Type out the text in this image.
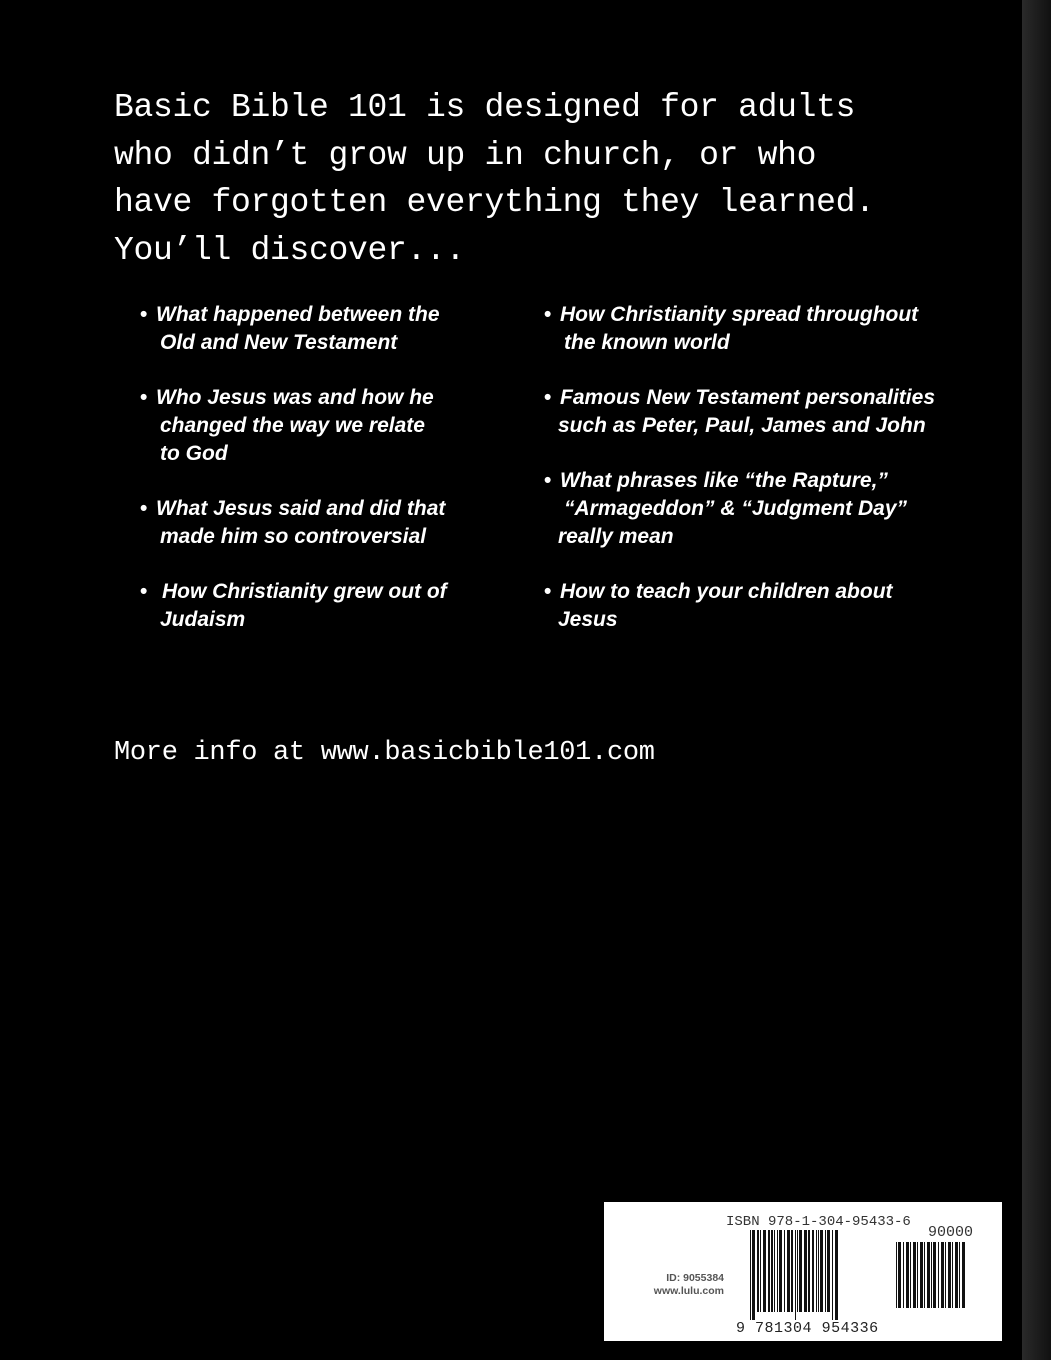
Basic Bible 101 is designed for adults
who didn’t grow up in church, or who
have forgotten everything they learned.
You’ll discover...
• What happened between the
Old and New Testament
• Who Jesus was and how he
changed the way we relate
to God
• What Jesus said and did that
made him so controversial
• How Christianity grew out of
Judaism
• How Christianity spread throughout
the known world
• Famous New Testament personalities
such as Peter, Paul, James and John
• What phrases like “the Rapture,”
“Armageddon” & “Judgment Day”
really mean
• How to teach your children about
Jesus
More info at www.basicbible101.com
ISBN 978-1-304-95433-6
90000
ID: 9055384
www.lulu.com
9 781304 954336
